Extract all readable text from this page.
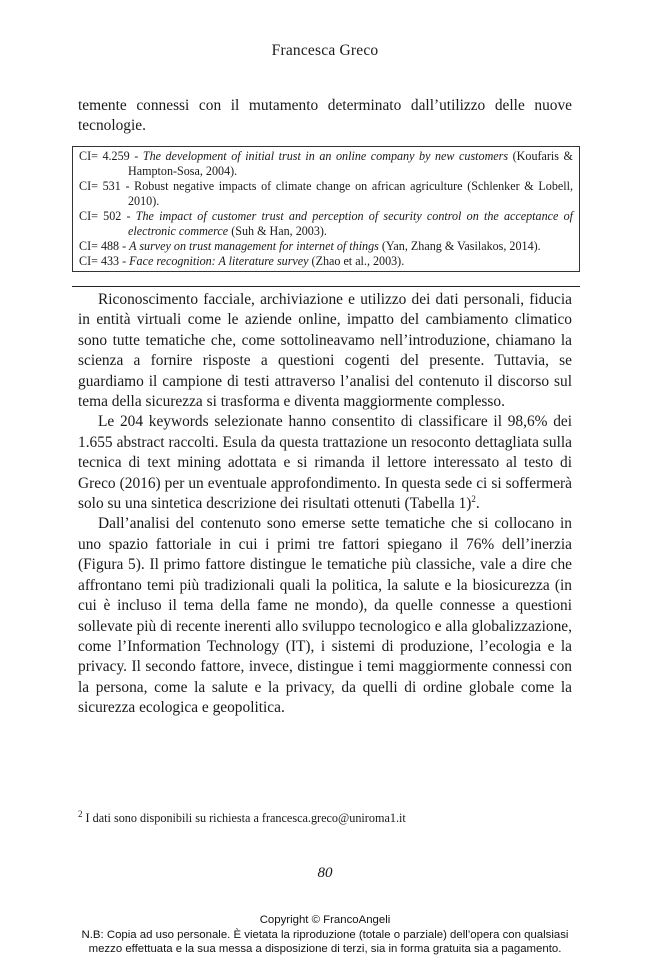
Francesca Greco

temente connessi con il mutamento determinato dall’utilizzo delle nuove tecnologie.

CI= 4.259 - The development of initial trust in an online company by new customers (Koufaris & Hampton-Sosa, 2004).

CI= 531 - Robust negative impacts of climate change on african agriculture (Schlenker & Lobell, 2010).

CI= 502 - The impact of customer trust and perception of security control on the acceptance of electronic commerce (Suh & Han, 2003).

CI= 488 - A survey on trust management for internet of things (Yan, Zhang & Vasilakos, 2014).

CI= 433 - Face recognition: A literature survey (Zhao et al., 2003).

Riconoscimento facciale, archiviazione e utilizzo dei dati personali, fiducia in entità virtuali come le aziende online, impatto del cambiamento climatico sono tutte tematiche che, come sottolineavamo nell’introduzione, chiamano la scienza a fornire risposte a questioni cogenti del presente. Tuttavia, se guardiamo il campione di testi attraverso l’analisi del contenuto il discorso sul tema della sicurezza si trasforma e diventa maggiormente complesso.

Le 204 keywords selezionate hanno consentito di classificare il 98,6% dei 1.655 abstract raccolti. Esula da questa trattazione un resoconto dettagliata sulla tecnica di text mining adottata e si rimanda il lettore interessato al testo di Greco (2016) per un eventuale approfondimento. In questa sede ci si soffermerà solo su una sintetica descrizione dei risultati ottenuti (Tabella 1)$^2$.

Dall’analisi del contenuto sono emerse sette tematiche che si collocano in uno spazio fattoriale in cui i primi tre fattori spiegano il 76% dell’inerzia (Figura 5). Il primo fattore distingue le tematiche più classiche, vale a dire che affrontano temi più tradizionali quali la politica, la salute e la biosicurezza (in cui è incluso il tema della fame ne mondo), da quelle connesse a questioni sollevate più di recente inerenti allo sviluppo tecnologico e alla globalizzazione, come l’Information Technology (IT), i sistemi di produzione, l’ecologia e la privacy. Il secondo fattore, invece, distingue i temi maggiormente connessi con la persona, come la salute e la privacy, da quelli di ordine globale come la sicurezza ecologica e geopolitica.

$^2$ I dati sono disponibili su richiesta a francesca.greco@uniroma1.it
80
Copyright © FrancoAngeli
N.B: Copia ad uso personale. È vietata la riproduzione (totale o parziale) dell’opera con qualsiasi
mezzo effettuata e la sua messa a disposizione di terzi, sia in forma gratuita sia a pagamento.
